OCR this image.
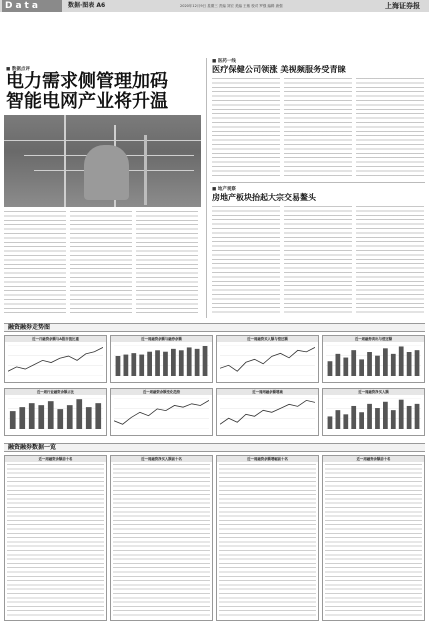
Data	数据·图表 A6	2020年12月9日 星期三 责编 刘宏 美编 王敏 校对 罗强 编辑 唐强	上海证券报
■ 数据点评
电力需求侧管理加码
智能电网产业将升温
■ 医药一线
医疗保健公司领涨 美视频服务受青睐
■ 地产观察
房地产板块抬起大宗交易鳌头
融资融券走势图
近一月融资余额与A股市值比重	近一周融资余额与融券余额	近一周融资买入额与偿还额	近一周融券卖出与偿还额
近一周行业融资余额占比	近一周融资余额变化趋势	近一周两融余额增减	近一周融资净买入额
融资融券数据一览
近一周融资余额前十名	近一周融资净买入额前十名	近一周融资余额增幅前十名	近一周融券余额前十名
